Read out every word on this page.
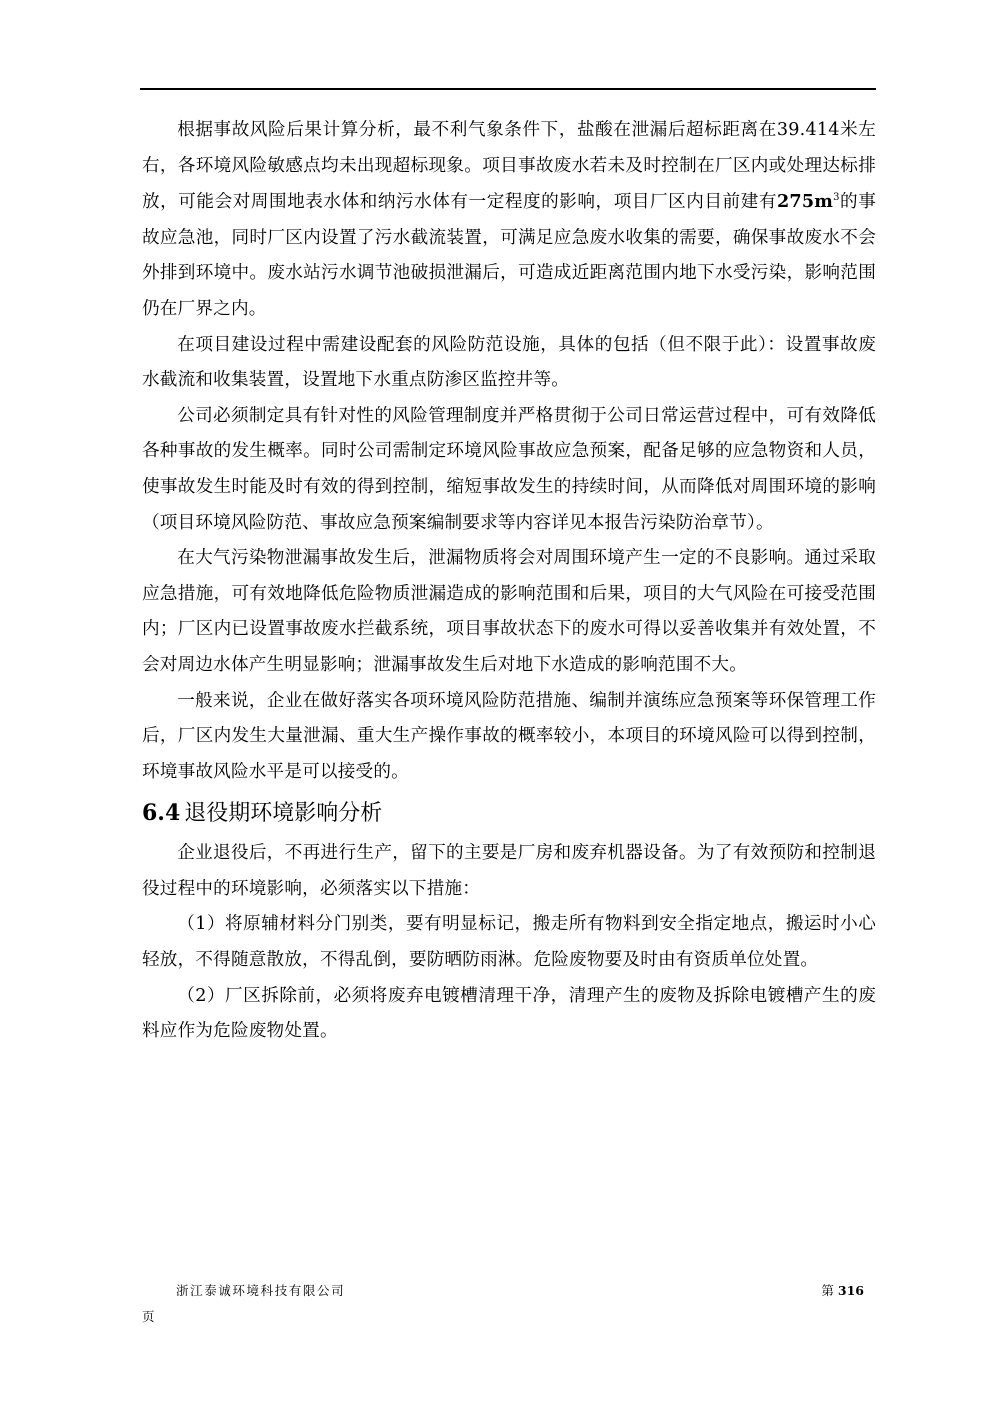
根据事故风险后果计算分析，最不利气象条件下，盐酸在泄漏后超标距离在39.414米左右，各环境风险敏感点均未出现超标现象。项目事故废水若未及时控制在厂区内或处理达标排放，可能会对周围地表水体和纳污水体有一定程度的影响，项目厂区内目前建有$275m^3$的事故应急池，同时厂区内设置了污水截流装置，可满足应急废水收集的需要，确保事故废水不会外排到环境中。废水站污水调节池破损泄漏后，可造成近距离范围内地下水受污染，影响范围仍在厂界之内。

在项目建设过程中需建设配套的风险防范设施，具体的包括（但不限于此）：设置事故废水截流和收集装置，设置地下水重点防渗区监控井等。

公司必须制定具有针对性的风险管理制度并严格贯彻于公司日常运营过程中，可有效降低各种事故的发生概率。同时公司需制定环境风险事故应急预案，配备足够的应急物资和人员，使事故发生时能及时有效的得到控制，缩短事故发生的持续时间，从而降低对周围环境的影响（项目环境风险防范、事故应急预案编制要求等内容详见本报告污染防治章节）。

在大气污染物泄漏事故发生后，泄漏物质将会对周围环境产生一定的不良影响。通过采取应急措施，可有效地降低危险物质泄漏造成的影响范围和后果，项目的大气风险在可接受范围内；厂区内已设置事故废水拦截系统，项目事故状态下的废水可得以妥善收集并有效处置，不会对周边水体产生明显影响；泄漏事故发生后对地下水造成的影响范围不大。

一般来说，企业在做好落实各项环境风险防范措施、编制并演练应急预案等环保管理工作后，厂区内发生大量泄漏、重大生产操作事故的概率较小，本项目的环境风险可以得到控制，环境事故风险水平是可以接受的。

6.4 退役期环境影响分析

企业退役后，不再进行生产，留下的主要是厂房和废弃机器设备。为了有效预防和控制退役过程中的环境影响，必须落实以下措施：

（1）将原辅材料分门别类，要有明显标记，搬走所有物料到安全指定地点，搬运时小心轻放，不得随意散放，不得乱倒，要防晒防雨淋。危险废物要及时由有资质单位处置。

（2）厂区拆除前，必须将废弃电镀槽清理干净，清理产生的废物及拆除电镀槽产生的废料应作为危险废物处置。

浙江泰诚环境科技有限公司	第 316
页
